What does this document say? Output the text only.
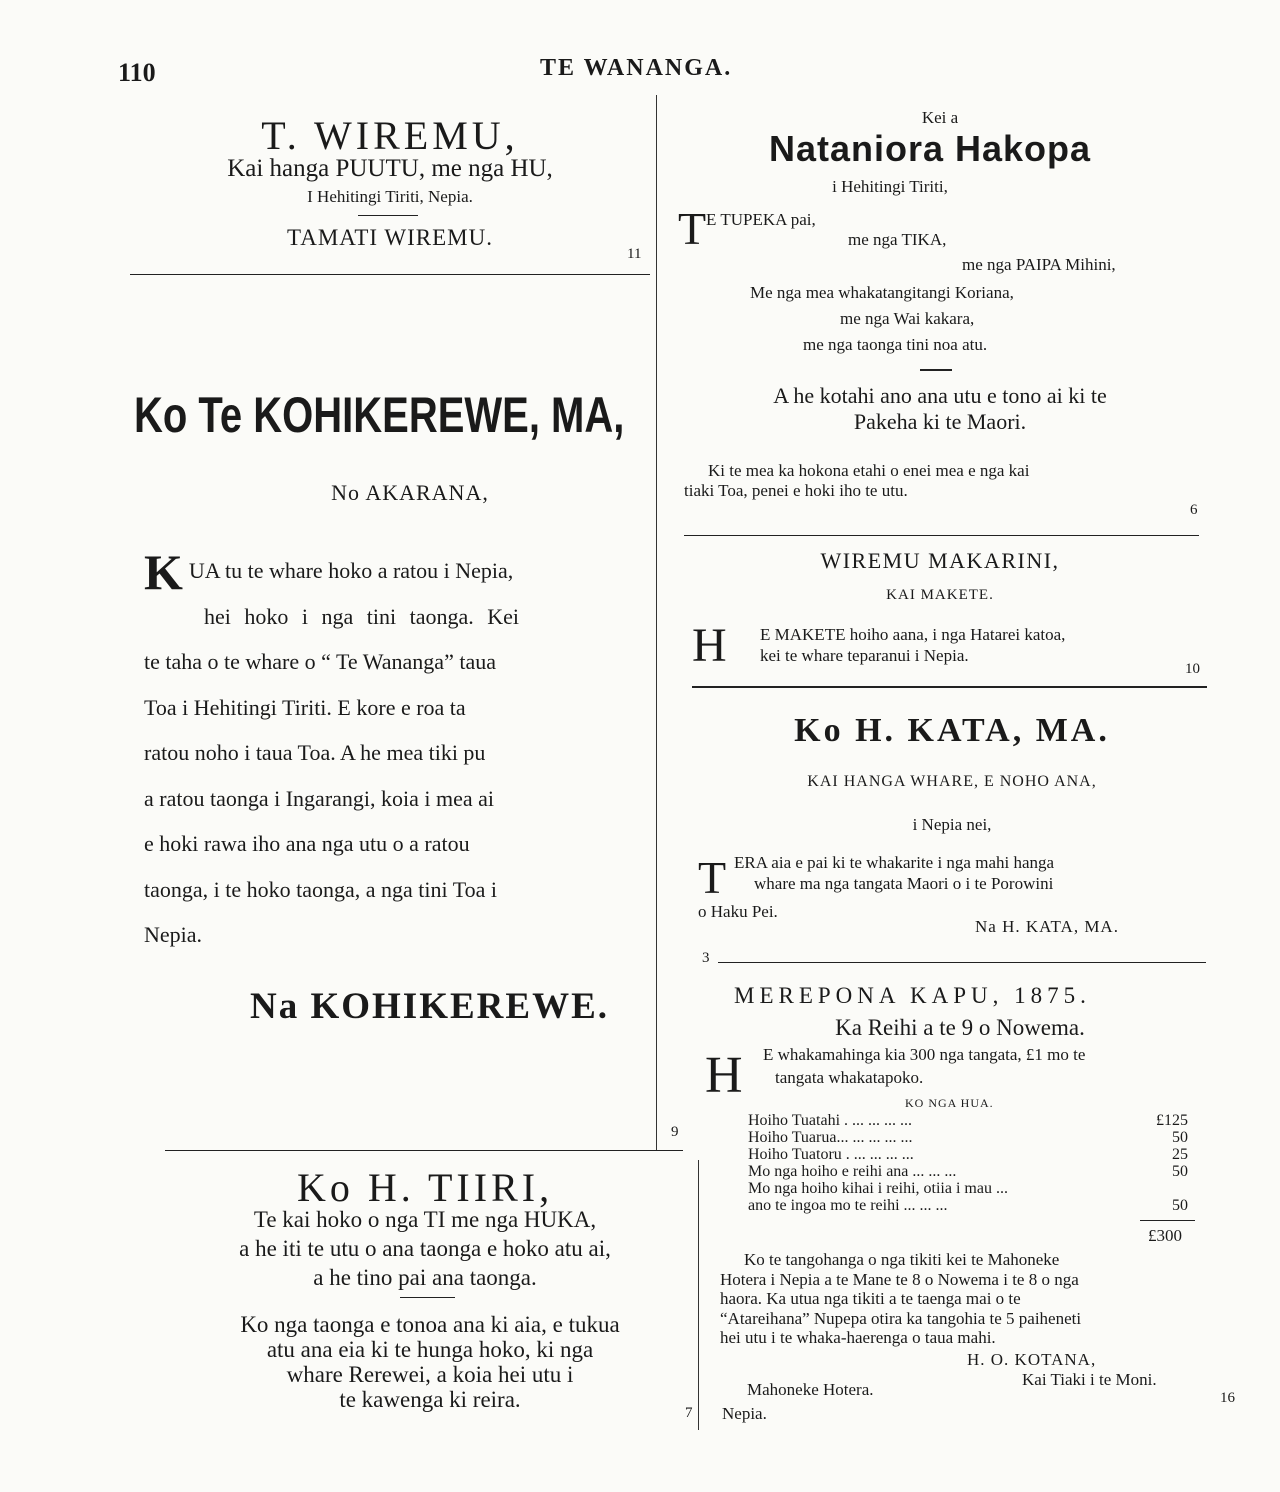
110	TE WANANGA.
T. WIREMU,
Kai hanga PUUTU, me nga HU,
I Hehitingi Tiriti, Nepia.
TAMATI WIREMU.
11
Ko Te KOHIKEREWE, MA,
No AKARANA,
K UA tu te whare hoko a ratou i Nepia,
hei hoko i nga tini taonga. Kei
te taha o te whare o “ Te Wananga” taua
Toa i Hehitingi Tiriti. E kore e roa ta
ratou noho i taua Toa. A he mea tiki pu
a ratou taonga i Ingarangi, koia i mea ai
e hoki rawa iho ana nga utu o a ratou
taonga, i te hoko taonga, a nga tini Toa i
Nepia.
Na KOHIKEREWE.
9
Ko H. TIIRI,
Te kai hoko o nga TI me nga HUKA,
a he iti te utu o ana taonga e hoko atu ai,
a he tino pai ana taonga.
Ko nga taonga e tonoa ana ki aia, e tukua
atu ana eia ki te hunga hoko, ki nga
whare Rerewei, a koia hei utu i
te kawenga ki reira.
7
Kei a
Nataniora Hakopa
i Hehitingi Tiriti,
T E TUPEKA pai,
me nga TIKA,
me nga PAIPA Mihini,
Me nga mea whakatangitangi Koriana,
me nga Wai kakara,
me nga taonga tini noa atu.
A he kotahi ano ana utu e tono ai ki te
Pakeha ki te Maori.
Ki te mea ka hokona etahi o enei mea e nga kai
tiaki Toa, penei e hoki iho te utu.
6
WIREMU MAKARINI,
KAI MAKETE.
H E MAKETE hoiho aana, i nga Hatarei katoa,
kei te whare teparanui i Nepia.
10
Ko H. KATA, MA.
KAI HANGA WHARE, E NOHO ANA,
i Nepia nei,
T ERA aia e pai ki te whakarite i nga mahi hanga
whare ma nga tangata Maori o i te Porowini
o Haku Pei.
Na H. KATA, MA.
3
MEREPONA KAPU, 1875.
Ka Reihi a te 9 o Nowema.
H E whakamahinga kia 300 nga tangata, £1 mo te
tangata whakatapoko.
KO NGA HUA.
Hoiho Tuatahi . ... ... ... ...	£125
Hoiho Tuarua... ... ... ... ...	50
Hoiho Tuatoru . ... ... ... ...	25
Mo nga hoiho e reihi ana ... ... ...	50
Mo nga hoiho kihai i reihi, otiia i mau ...
ano te ingoa mo te reihi ... ... ...	50
£300
Ko te tangohanga o nga tikiti kei te Mahoneke
Hotera i Nepia a te Mane te 8 o Nowema i te 8 o nga
haora. Ka utua nga tikiti a te taenga mai o te
“Atareihana” Nupepa otira ka tangohia te 5 paiheneti
hei utu i te whaka-haerenga o taua mahi.
H. O. KOTANA,
Kai Tiaki i te Moni.
Mahoneke Hotera.
Nepia.
16
